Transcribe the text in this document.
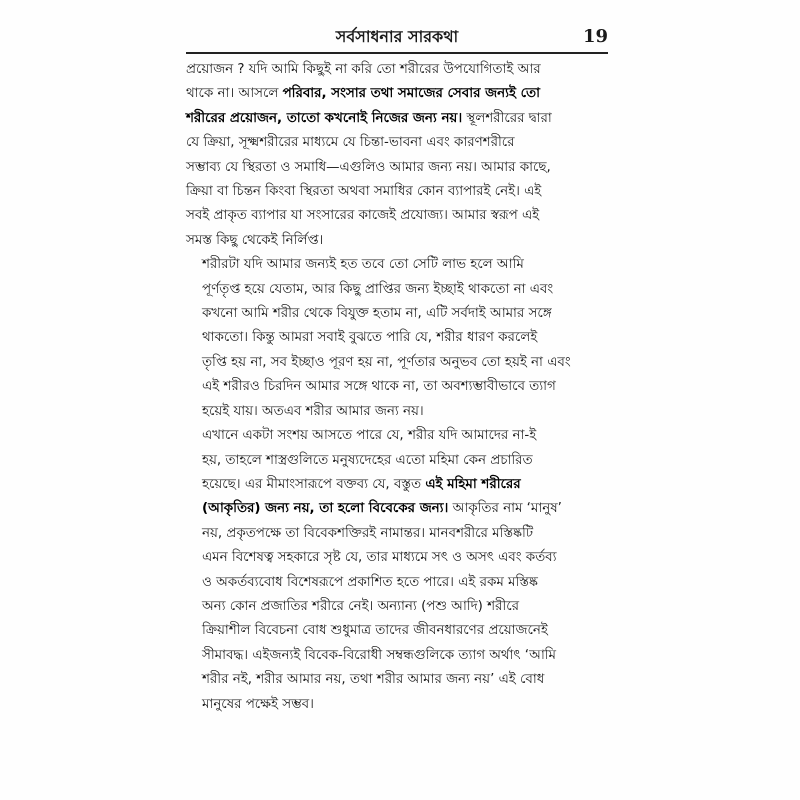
সর্বসাধনার সারকথা	19

প্রয়োজন ? যদি আমি কিছুই না করি তো শরীরের উপযোগিতাই আর
থাকে না। আসলে পরিবার, সংসার তথা সমাজের সেবার জন্যই তো
শরীরের প্রয়োজন, তাতো কখনোই নিজের জন্য নয়। স্থূলশরীরের দ্বারা
যে ক্রিয়া, সূক্ষ্মশরীরের মাধ্যমে যে চিন্তা-ভাবনা এবং কারণশরীরে
সম্ভাব্য যে স্থিরতা ও সমাধি—এগুলিও আমার জন্য নয়। আমার কাছে,
ক্রিয়া বা চিন্তন কিংবা স্থিরতা অথবা সমাধির কোন ব্যাপারই নেই। এই
সবই প্রাকৃত ব্যাপার যা সংসারের কাজেই প্রযোজ্য। আমার স্বরূপ এই
সমস্ত কিছু থেকেই নির্লিপ্ত।

শরীরটা যদি আমার জন্যই হত তবে তো সেটি লাভ হলে আমি
পূর্ণতৃপ্ত হয়ে যেতাম, আর কিছু প্রাপ্তির জন্য ইচ্ছাই থাকতো না এবং
কখনো আমি শরীর থেকে বিযুক্ত হতাম না, এটি সর্বদাই আমার সঙ্গে
থাকতো। কিন্তু আমরা সবাই বুঝতে পারি যে, শরীর ধারণ করলেই
তৃপ্তি হয় না, সব ইচ্ছাও পূরণ হয় না, পূর্ণতার অনুভব তো হয়ই না এবং
এই শরীরও চিরদিন আমার সঙ্গে থাকে না, তা অবশ্যম্ভাবীভাবে ত্যাগ
হয়েই যায়। অতএব শরীর আমার জন্য নয়।

এখানে একটা সংশয় আসতে পারে যে, শরীর যদি আমাদের না-ই
হয়, তাহলে শাস্ত্রগুলিতে মনুষ্যদেহের এতো মহিমা কেন প্রচারিত
হয়েছে। এর মীমাংসারূপে বক্তব্য যে, বস্তুত এই মহিমা শরীরের
(আকৃতির) জন্য নয়, তা হলো বিবেকের জন্য। আকৃতির নাম ‘মানুষ’
নয়, প্রকৃতপক্ষে তা বিবেকশক্তিরই নামান্তর। মানবশরীরে মস্তিষ্কটি
এমন বিশেষত্ব সহকারে সৃষ্ট যে, তার মাধ্যমে সৎ ও অসৎ এবং কর্তব্য
ও অকর্তব্যবোধ বিশেষরূপে প্রকাশিত হতে পারে। এই রকম মস্তিষ্ক
অন্য কোন প্রজাতির শরীরে নেই। অন্যান্য (পশু আদি) শরীরে
ক্রিয়াশীল বিবেচনা বোধ শুধুমাত্র তাদের জীবনধারণের প্রয়োজনেই
সীমাবদ্ধ। এইজন্যই বিবেক-বিরোধী সম্বন্ধগুলিকে ত্যাগ অর্থাৎ ‘আমি
শরীর নই, শরীর আমার নয়, তথা শরীর আমার জন্য নয়’ এই বোধ
মানুষের পক্ষেই সম্ভব।
